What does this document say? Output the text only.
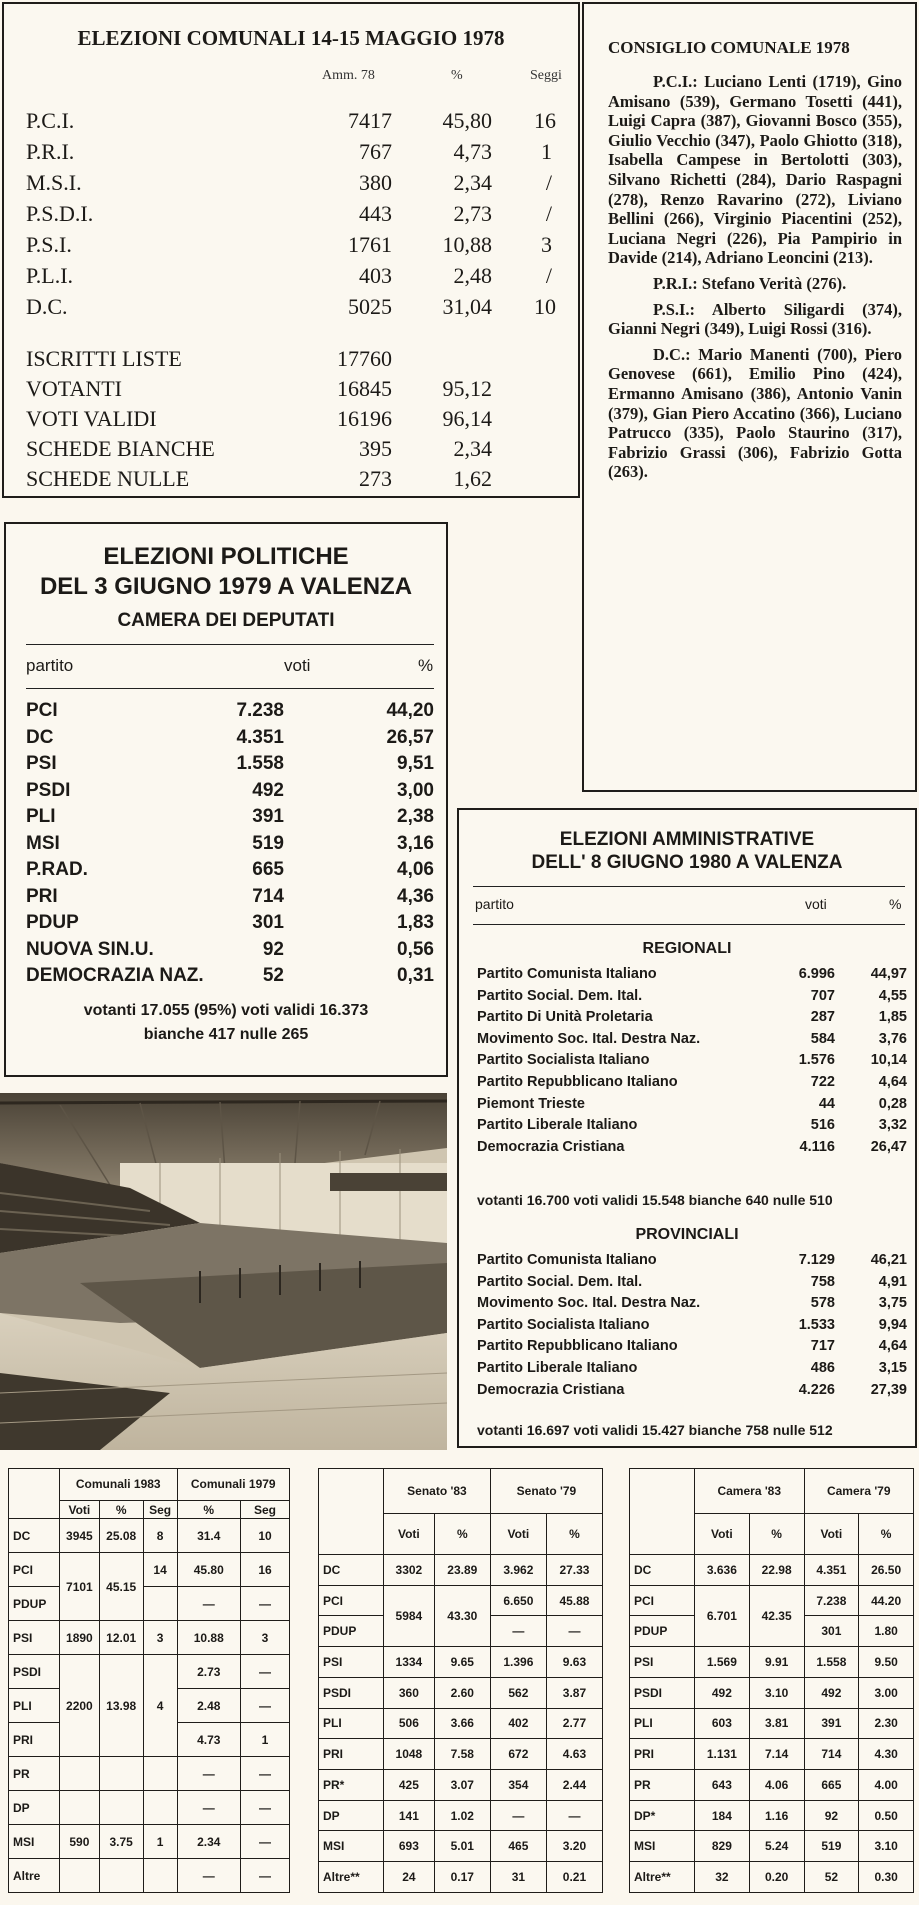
ELEZIONI COMUNALI 14-15 MAGGIO 1978
Amm. 78	%	Seggi
P.C.I.	7417 45,80 16
P.R.I.	767	4,73 1
M.S.I.	380	2,34 /
P.S.D.I.	443	2,73 /
P.S.I.	1761 10,88 3
P.L.I.	403	2,48 /
D.C.	5025 31,04 10
ISCRITTI LISTE	17760
VOTANTI	16845 95,12
VOTI VALIDI	16196 96,14
SCHEDE BIANCHE	395	2,34
SCHEDE NULLE	273	1,62
CONSIGLIO COMUNALE 1978

P.C.I.: Luciano Lenti (1719), Gino Amisano (539), Germano Tosetti (441), Luigi Capra (387), Giovanni Bosco (355), Giulio Vecchio (347), Paolo Ghiotto (318), Isabella Campese in Bertolotti (303), Silvano Richetti (284), Dario Raspagni (278), Renzo Ravarino (272), Liviano Bellini (266), Virginio Piacentini (252), Luciana Negri (226), Pia Pampirio in Davide (214), Adriano Leoncini (213).

P.R.I.: Stefano Verità (276).

P.S.I.: Alberto Siligardi (374), Gianni Negri (349), Luigi Rossi (316).

D.C.: Mario Manenti (700), Piero Genovese (661), Emilio Pino (424), Ermanno Amisano (386), Antonio Vanin (379), Gian Piero Accatino (366), Luciano Patrucco (335), Paolo Staurino (317), Fabrizio Grassi (306), Fabrizio Gotta (263).

ELEZIONI POLITICHE
DEL 3 GIUGNO 1979 A VALENZA
CAMERA DEI DEPUTATI
partito	voti	%
PCI	7.238	44,20
DC	4.351	26,57
PSI	1.558	9,51
PSDI	492	3,00
PLI	391	2,38
MSI	519	3,16
P.RAD.	665	4,06
PRI	714	4,36
PDUP	301	1,83
NUOVA SIN.U.	92	0,56
DEMOCRAZIA NAZ.	52	0,31
votanti 17.055 (95%) voti validi 16.373
bianche 417 nulle 265
ELEZIONI AMMINISTRATIVE
DELL' 8 GIUGNO 1980 A VALENZA
partito	voti	%
REGIONALI
Partito Comunista Italiano	6.996 44,97
Partito Social. Dem. Ital.	707	4,55
Partito Di Unità Proletaria	287	1,85
Movimento Soc. Ital. Destra Naz.	584	3,76
Partito Socialista Italiano	1.576 10,14
Partito Repubblicano Italiano	722	4,64
Piemont Trieste	44	0,28
Partito Liberale Italiano	516	3,32
Democrazia Cristiana	4.116 26,47
votanti 16.700 voti validi 15.548 bianche 640 nulle 510
PROVINCIALI
Partito Comunista Italiano	7.129 46,21
Partito Social. Dem. Ital.	758	4,91
Movimento Soc. Ital. Destra Naz.	578	3,75
Partito Socialista Italiano	1.533	9,94
Partito Repubblicano Italiano	717	4,64
Partito Liberale Italiano	486	3,15
Democrazia Cristiana	4.226 27,39
votanti 16.697 voti validi 15.427 bianche 758 nulle 512
	Comunali 1983			Comunali 1979	
	Voti	%	Seg	%	Seg
DC	3945	25.08	8	31.4	10
PCI	7101	45.15	14	45.80	16
PDUP				—	—
PSI	1890	12.01	3	10.88	3
PSDI	2200	13.98	4	2.73	—
PLI				2.48	—
PRI				4.73	1
PR				—	—
DP				—	—
MSI	590	3.75	1	2.34	—
Altre				—	—
	Senato '83		Senato '79	
	Voti	%	Voti	%
DC	3302	23.89	3.962	27.33
PCI	5984	43.30	6.650	45.88
PDUP			—	—
PSI	1334	9.65	1.396	9.63
PSDI	360	2.60	562	3.87
PLI	506	3.66	402	2.77
PRI	1048	7.58	672	4.63
PR*	425	3.07	354	2.44
DP	141	1.02	—	—
MSI	693	5.01	465	3.20
Altre**	24	0.17	31	0.21
	Camera '83		Camera '79	
	Voti	%	Voti	%
DC	3.636	22.98	4.351	26.50
PCI	6.701	42.35	7.238	44.20
PDUP			301	1.80
PSI	1.569	9.91	1.558	9.50
PSDI	492	3.10	492	3.00
PLI	603	3.81	391	2.30
PRI	1.131	7.14	714	4.30
PR	643	4.06	665	4.00
DP*	184	1.16	92	0.50
MSI	829	5.24	519	3.10
Altre**	32	0.20	52	0.30
